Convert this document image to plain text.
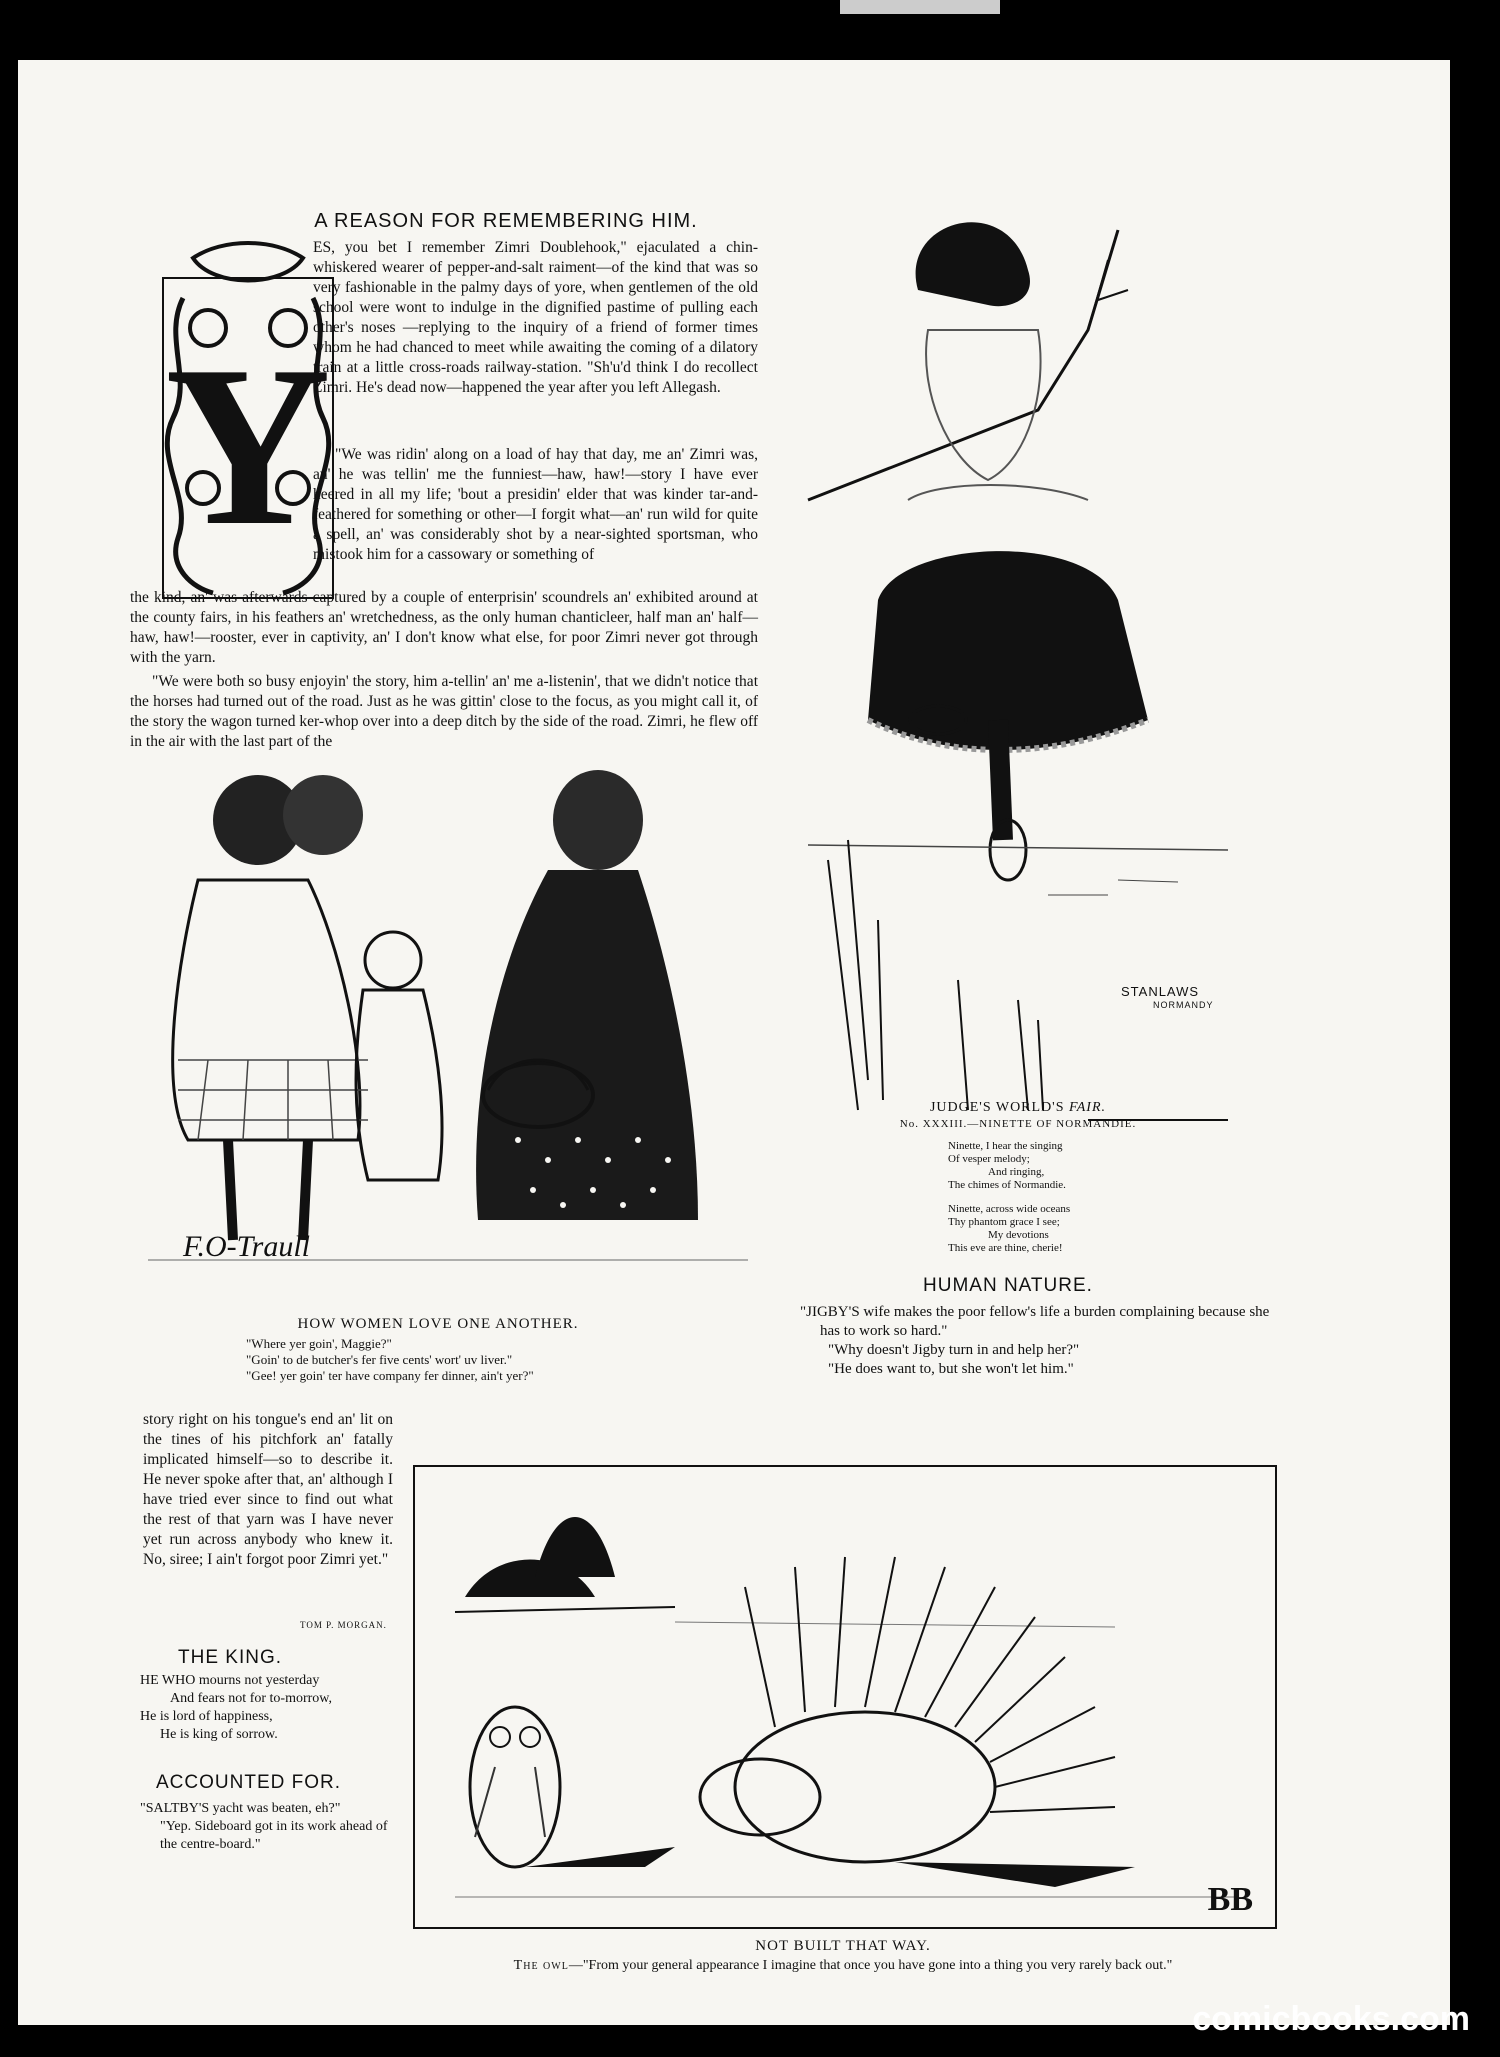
A REASON FOR REMEMBERING HIM.
Y

ES, you bet I remember Zimri Doublehook," ejaculated a chin-whiskered wearer of pepper-and-salt raiment—of the kind that was so very fashionable in the palmy days of yore, when gentlemen of the old school were wont to indulge in the dignified pastime of pulling each other's noses —replying to the inquiry of a friend of former times whom he had chanced to meet while awaiting the coming of a dilatory train at a little cross-roads railway-station. "Sh'u'd think I do recollect Zimri. He's dead now—happened the year after you left Allegash.

"We was ridin' along on a load of hay that day, me an' Zimri was, an' he was tellin' me the funniest—haw, haw!—story I have ever heered in all my life; 'bout a presidin' elder that was kinder tar-and-feathered for something or other—I forgit what—an' run wild for quite a spell, an' was considerably shot by a near-sighted sportsman, who mistook him for a cassowary or something of

the kind, an' was afterwards captured by a couple of enterprisin' scoundrels an' exhibited around at the county fairs, in his feathers an' wretchedness, as the only human chanticleer, half man an' half—haw, haw!—rooster, ever in captivity, an' I don't know what else, for poor Zimri never got through with the yarn.

"We were both so busy enjoyin' the story, him a-tellin' an' me a-listenin', that we didn't notice that the horses had turned out of the road. Just as he was gittin' close to the focus, as you might call it, of the story the wagon turned ker-whop over into a deep ditch by the side of the road. Zimri, he flew off in the air with the last part of the

F.O-Traull
HOW WOMEN LOVE ONE ANOTHER.
"Where yer goin', Maggie?"
"Goin' to de butcher's fer five cents' wort' uv liver."
"Gee! yer goin' ter have company fer dinner, ain't yer?"
STANLAWS
NORMANDY
JUDGE'S WORLD'S FAIR.
No. XXXIII.—NINETTE OF NORMANDIE.
Ninette, I hear the singing
Of vesper melody;
And ringing,
The chimes of Normandie.
Ninette, across wide oceans
Thy phantom grace I see;
My devotions
This eve are thine, cherie!
HUMAN NATURE.
"JIGBY'S wife makes the poor fellow's life a burden complaining because she has to work so hard."
"Why doesn't Jigby turn in and help her?"
"He does want to, but she won't let him."

story right on his tongue's end an' lit on the tines of his pitchfork an' fatally implicated himself—so to describe it. He never spoke after that, an' although I have tried ever since to find out what the rest of that yarn was I have never yet run across anybody who knew it. No, siree; I ain't forgot poor Zimri yet."

TOM P. MORGAN.
THE KING.
HE WHO mourns not yesterday
And fears not for to-morrow,
He is lord of happiness,
He is king of sorrow.
ACCOUNTED FOR.
"SALTBY'S yacht was beaten, eh?"
"Yep. Sideboard got in its work ahead of the centre-board."
BB
NOT BUILT THAT WAY.
The owl—"From your general appearance I imagine that once you have gone into a thing you very rarely back out."
comicbooks.com
